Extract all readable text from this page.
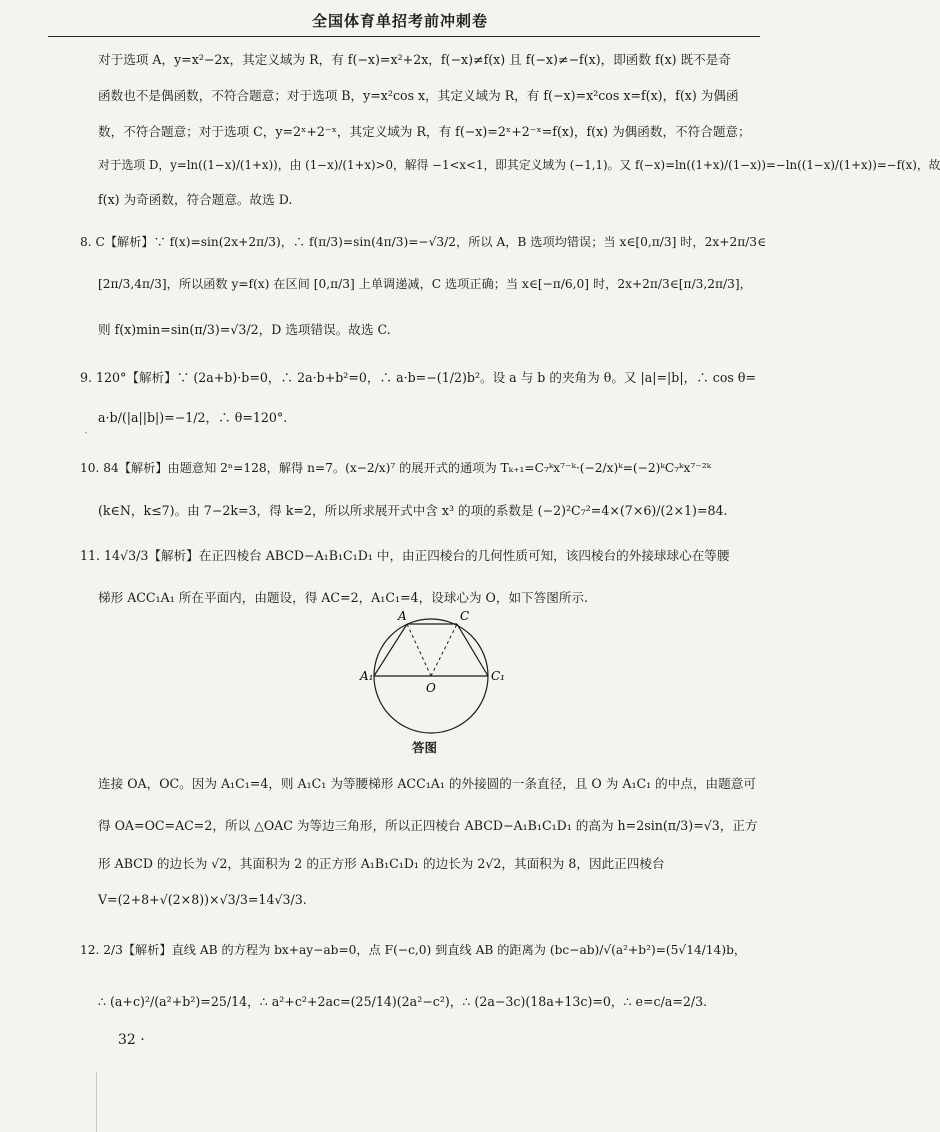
全国体育单招考前冲刺卷
对于选项 A，y=x²−2x，其定义域为 R，有 f(−x)=x²+2x，f(−x)≠f(x) 且 f(−x)≠−f(x)，即函数 f(x) 既不是奇
函数也不是偶函数，不符合题意；对于选项 B，y=x²cos x，其定义域为 R，有 f(−x)=x²cos x=f(x)，f(x) 为偶函
数，不符合题意；对于选项 C，y=2ˣ+2⁻ˣ，其定义域为 R，有 f(−x)=2ˣ+2⁻ˣ=f(x)，f(x) 为偶函数，不符合题意；
对于选项 D，y=ln((1−x)/(1+x))，由 (1−x)/(1+x)>0，解得 −1<x<1，即其定义域为 (−1,1)。又 f(−x)=ln((1+x)/(1−x))=−ln((1−x)/(1+x))=−f(x)，故
f(x) 为奇函数，符合题意。故选 D.
8. C【解析】∵ f(x)=sin(2x+2π/3)，∴ f(π/3)=sin(4π/3)=−√3/2，所以 A，B 选项均错误；当 x∈[0,π/3] 时，2x+2π/3∈
[2π/3,4π/3]，所以函数 y=f(x) 在区间 [0,π/3] 上单调递减，C 选项正确；当 x∈[−π/6,0] 时，2x+2π/3∈[π/3,2π/3]，
则 f(x)min=sin(π/3)=√3/2，D 选项错误。故选 C.
9. 120°【解析】∵ (2a+b)·b=0，∴ 2a·b+b²=0，∴ a·b=−(1/2)b²。设 a 与 b 的夹角为 θ。又 |a|=|b|，∴ cos θ=
a·b/(|a||b|)=−1/2，∴ θ=120°.
·
10. 84【解析】由题意知 2ⁿ=128，解得 n=7。(x−2/x)⁷ 的展开式的通项为 Tₖ₊₁=C₇ᵏx⁷⁻ᵏ·(−2/x)ᵏ=(−2)ᵏC₇ᵏx⁷⁻²ᵏ
(k∈N，k≤7)。由 7−2k=3，得 k=2，所以所求展开式中含 x³ 的项的系数是 (−2)²C₇²=4×(7×6)/(2×1)=84.
11. 14√3/3【解析】在正四棱台 ABCD−A₁B₁C₁D₁ 中，由正四棱台的几何性质可知，该四棱台的外接球球心在等腰
梯形 ACC₁A₁ 所在平面内，由题设，得 AC=2，A₁C₁=4，设球心为 O，如下答图所示.
A	C
A₁	C₁
O
答图
连接 OA，OC。因为 A₁C₁=4，则 A₁C₁ 为等腰梯形 ACC₁A₁ 的外接圆的一条直径，且 O 为 A₁C₁ 的中点，由题意可
得 OA=OC=AC=2，所以 △OAC 为等边三角形，所以正四棱台 ABCD−A₁B₁C₁D₁ 的高为 h=2sin(π/3)=√3，正方
形 ABCD 的边长为 √2，其面积为 2 的正方形 A₁B₁C₁D₁ 的边长为 2√2，其面积为 8，因此正四棱台
V=(2+8+√(2×8))×√3/3=14√3/3.
12. 2/3【解析】直线 AB 的方程为 bx+ay−ab=0，点 F(−c,0) 到直线 AB 的距离为 (bc−ab)/√(a²+b²)=(5√14/14)b，
∴ (a+c)²/(a²+b²)=25/14，∴ a²+c²+2ac=(25/14)(2a²−c²)，∴ (2a−3c)(18a+13c)=0，∴ e=c/a=2/3.
32 ·
